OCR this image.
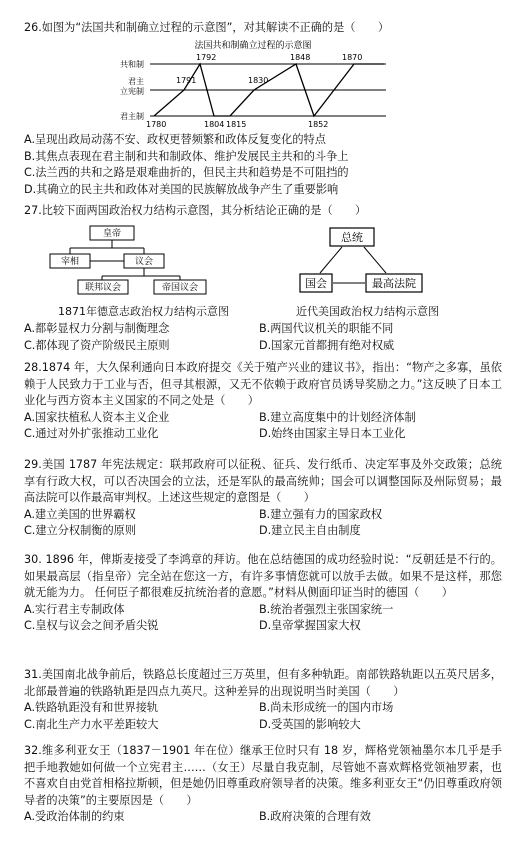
26.如图为“法国共和制确立过程的示意图”，对其解读不正确的是（　　）

法国共和制确立过程的示意图
共和制
君主
立宪制
君主制
1792
1791
1780	1804 1815
1830
1848	1870
1852
A.呈现出政局动荡不安、政权更替频繁和政体反复变化的特点
B.其焦点表现在君主制和共和制政体、维护发展民主共和的斗争上
C.法兰西的共和之路是艰难曲折的，但民主共和趋势是不可阻挡的
D.其确立的民主共和政体对美国的民族解放战争产生了重要影响

27.比较下面两国政治权力结构示意图，其分析结论正确的是（　　）

皇帝
宰相	议会
联邦议会	帝国议会
总统
国会	最高法院
1871年德意志政治权力结构示意图	近代美国政治权力结构示意图
A.都彰显权力分割与制衡理念	B.两国代议机关的职能不同
C.都体现了资产阶级民主原则	D.国家元首都拥有绝对权威

28.1874 年，大久保利通向日本政府提交《关于殖产兴业的建议书》，指出：“物产之多寡，虽依赖于人民致力于工业与否，但寻其根源，又无不依赖于政府官员诱导奖励之力。”这反映了日本工业化与西方资本主义国家的不同之处是（　　）

A.国家扶植私人资本主义企业	B.建立高度集中的计划经济体制
C.通过对外扩张推动工业化	D.始终由国家主导日本工业化

29.美国 1787 年宪法规定：联邦政府可以征税、征兵、发行纸币、决定军事及外交政策；总统享有行政大权，可以否决国会的立法，还是军队的最高统帅；国会可以调整国际及州际贸易；最高法院可以作最高审判权。上述这些规定的意图是（　　）

A.建立美国的世界霸权	B.建立强有力的国家政权
C.建立分权制衡的原则	D.建立民主自由制度

30. 1896 年，俾斯麦接受了李鸿章的拜访。他在总结德国的成功经验时说：“反朝廷是不行的。如果最高层（指皇帝）完全站在您这一方，有许多事情您就可以放手去做。如果不是这样，那您就无能为力。 任何臣子都很难反抗统治者的意愿。”材料从侧面印证当时的德国（　　）

A.实行君主专制政体	B.统治者强烈主张国家统一
C.皇权与议会之间矛盾尖锐	D.皇帝掌握国家大权

31.美国南北战争前后，铁路总长度超过三万英里，但有多种轨距。南部铁路轨距以五英尺居多，北部最普遍的铁路轨距是四点九英尺。这种差异的出现说明当时美国（　　）

A.铁路轨距没有和世界接轨	B.尚未形成统一的国内市场
C.南北生产力水平差距较大	D.受英国的影响较大

32.维多利亚女王（1837－1901 年在位）继承王位时只有 18 岁，辉格党领袖墨尔本几乎是手把手地教她如何做一个立宪君主……（女王）尽量自我克制，尽管她不喜欢辉格党领袖罗素，也不喜欢自由党首相格拉斯顿，但是她仍旧尊重政府领导者的决策。维多利亚女王“仍旧尊重政府领导者的决策”的主要原因是（　　）

A.受政治体制的约束	B.政府决策的合理有效
